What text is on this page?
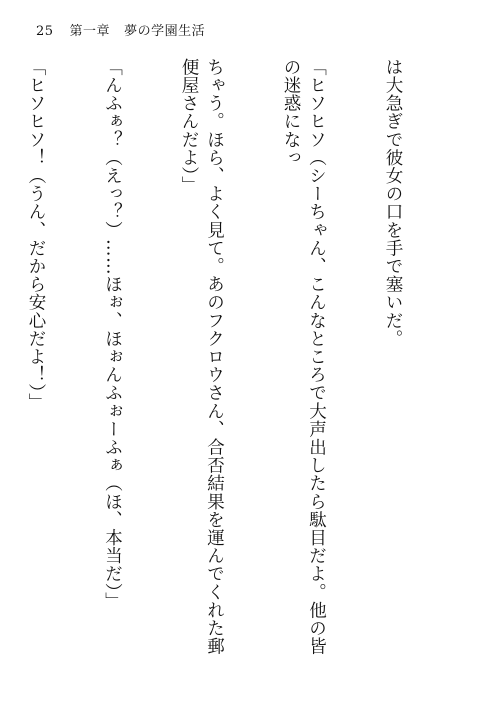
25 第一章 夢の学園生活

は大急ぎで彼女の口を手で塞いだ。

「ヒソヒソ（シーちゃん、こんなところで大声出したら駄目だよ。他の皆の迷惑になっ

ちゃう。ほら、よく見て。あのフクロウさん、合否結果を運んでくれた郵便屋さんだよ）」

「んふぁ？（えっ？）……ほぉ、ほぉんふぉーふぁ（ほ、本当だ）」

「ヒソヒソ！（うん、だから安心だよ！）」
